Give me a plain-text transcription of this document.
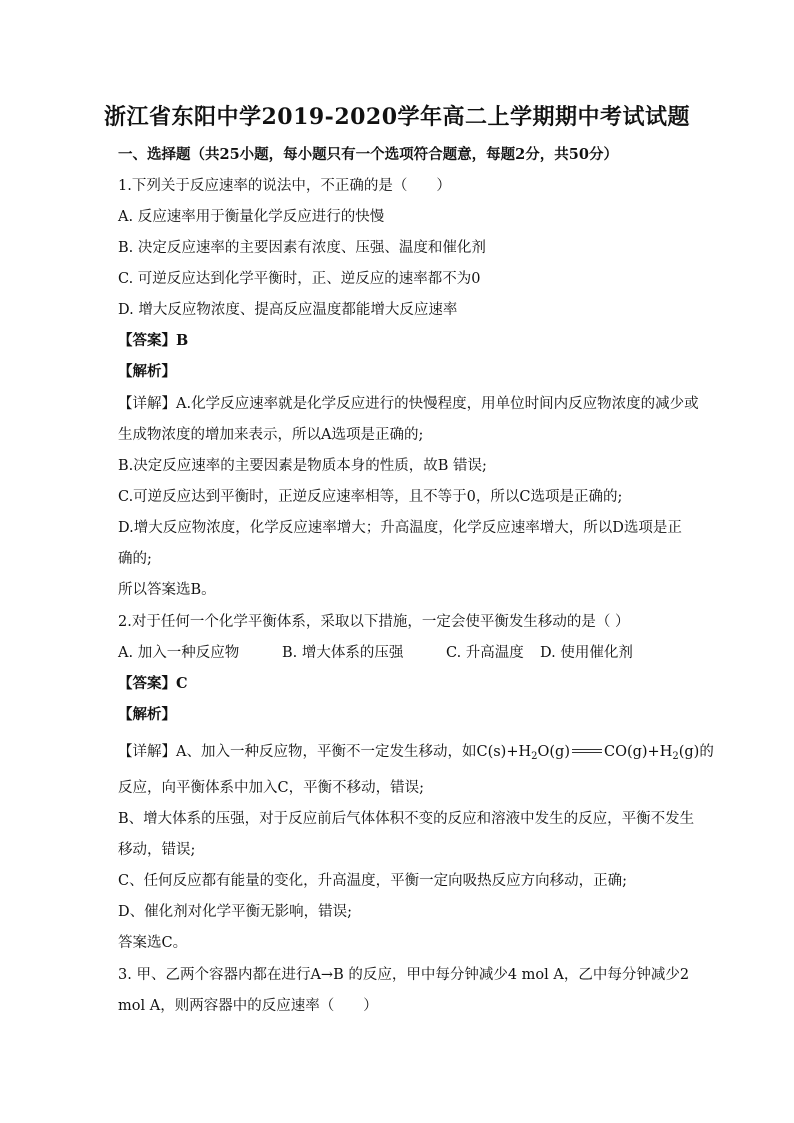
浙江省东阳中学2019-2020学年高二上学期期中考试试题
一、选择题（共25小题，每小题只有一个选项符合题意，每题2分，共50分）
1.下列关于反应速率的说法中，不正确的是（　　）
A. 反应速率用于衡量化学反应进行的快慢
B. 决定反应速率的主要因素有浓度、压强、温度和催化剂
C. 可逆反应达到化学平衡时，正、逆反应的速率都不为0
D. 增大反应物浓度、提高反应温度都能增大反应速率
【答案】B
【解析】
【详解】A.化学反应速率就是化学反应进行的快慢程度，用单位时间内反应物浓度的减少或
生成物浓度的增加来表示，所以A选项是正确的;
B.决定反应速率的主要因素是物质本身的性质，故B 错误;
C.可逆反应达到平衡时，正逆反应速率相等，且不等于0，所以C选项是正确的;
D.增大反应物浓度，化学反应速率增大；升高温度，化学反应速率增大，所以D选项是正
确的;
所以答案选B。
2.对于任何一个化学平衡体系，采取以下措施，一定会使平衡发生移动的是（ ）
A. 加入一种反应物	B. 增大体系的压强	C. 升高温度 D. 使用催化剂
【答案】C
【解析】
【详解】A、加入一种反应物，平衡不一定发生移动，如$C(s)+H_2O(g)$ $CO(g)+H_2(g)$的
反应，向平衡体系中加入C，平衡不移动，错误;
B、增大体系的压强，对于反应前后气体体积不变的反应和溶液中发生的反应，平衡不发生
移动，错误;
C、任何反应都有能量的变化，升高温度，平衡一定向吸热反应方向移动，正确;
D、催化剂对化学平衡无影响，错误;
答案选C。
3. 甲、乙两个容器内都在进行A→B 的反应，甲中每分钟减少4 mol A，乙中每分钟减少2
mol A，则两容器中的反应速率（　　）
